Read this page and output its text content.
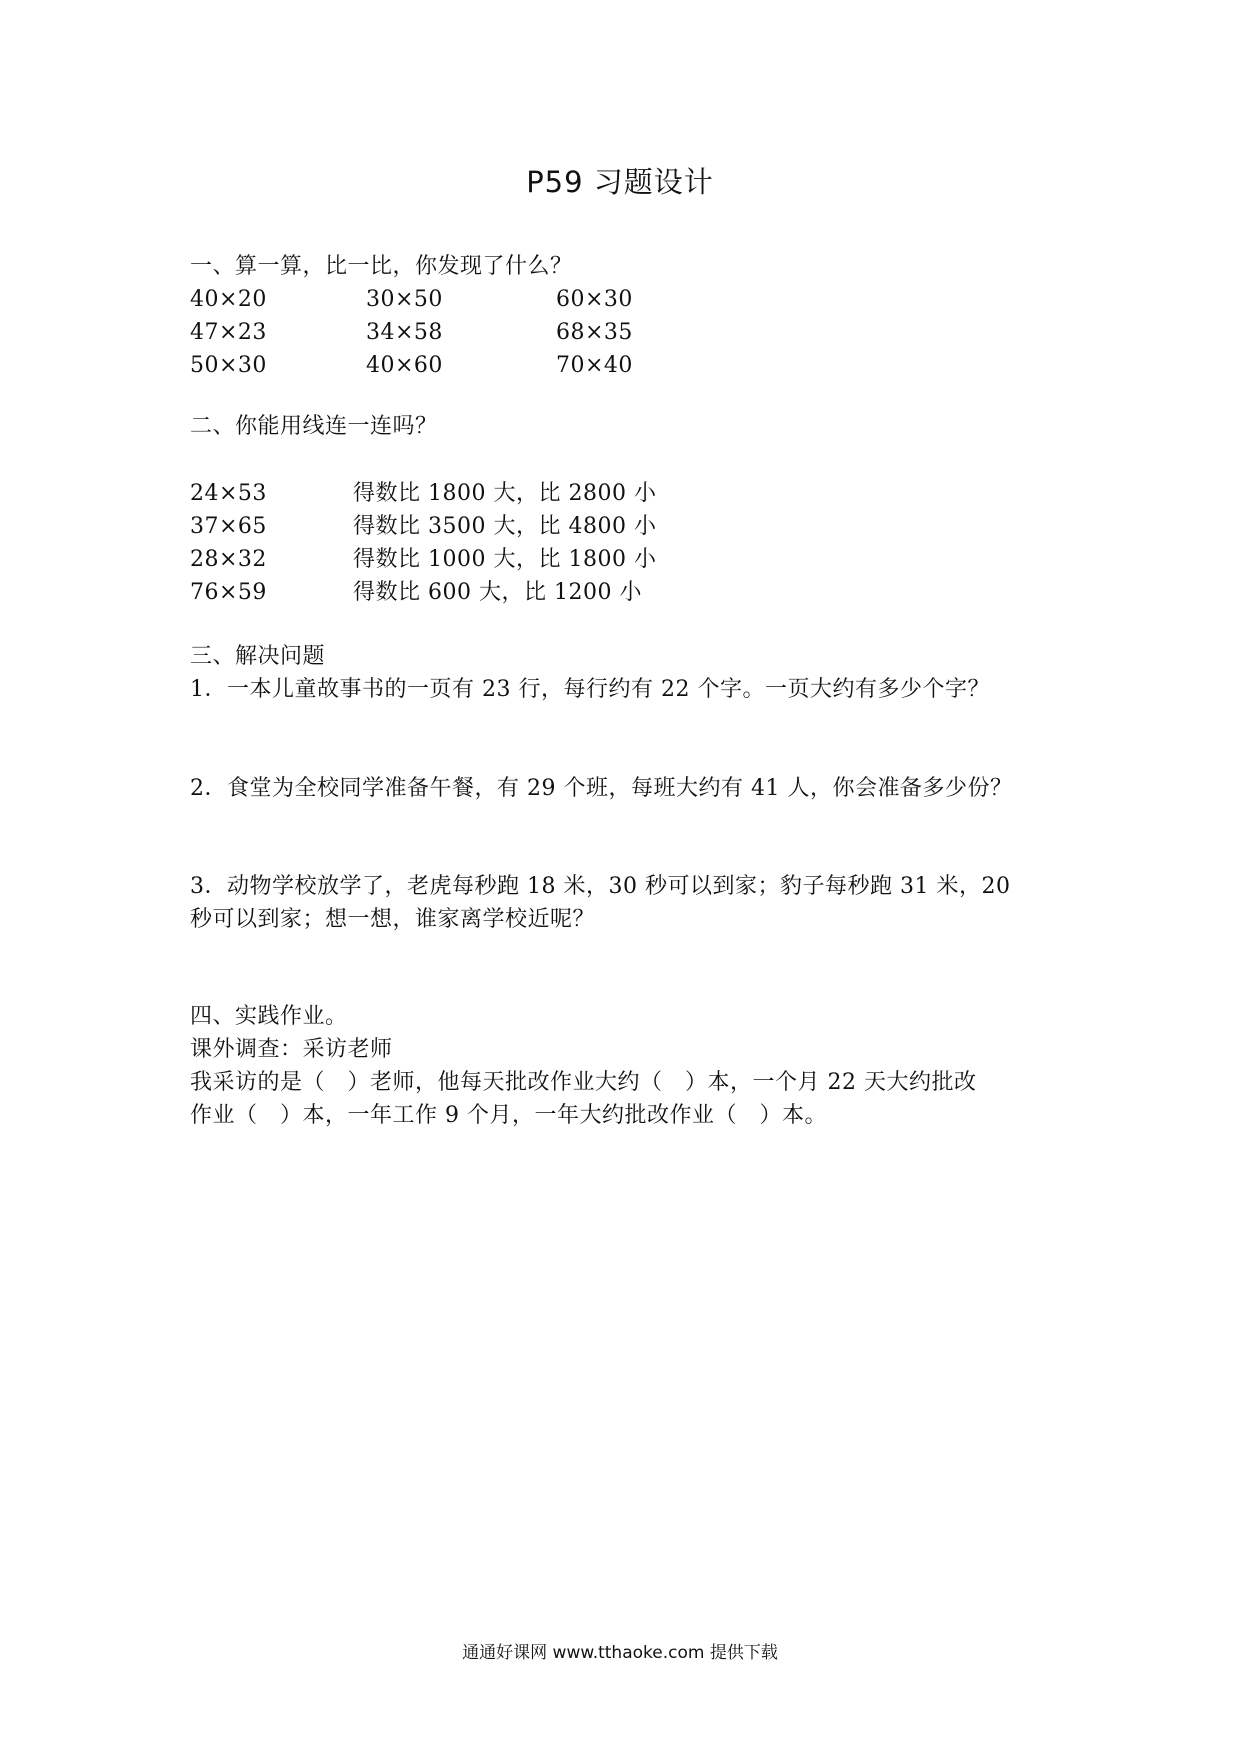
P59 习题设计
一、算一算，比一比，你发现了什么？
40×20	30×50	60×30
47×23	34×58	68×35
50×30	40×60	70×40
二、你能用线连一连吗？
24×53	得数比 1800 大，比 2800 小
37×65	得数比 3500 大，比 4800 小
28×32	得数比 1000 大，比 1800 小
76×59	得数比 600 大，比 1200 小
三、解决问题
1．一本儿童故事书的一页有 23 行，每行约有 22 个字。一页大约有多少个字？
2．食堂为全校同学准备午餐，有 29 个班，每班大约有 41 人，你会准备多少份？
3．动物学校放学了，老虎每秒跑 18 米，30 秒可以到家；豹子每秒跑 31 米，20
秒可以到家；想一想，谁家离学校近呢？
四、实践作业。
课外调查：采访老师
我采访的是（　）老师，他每天批改作业大约（　）本，一个月 22 天大约批改
作业（　）本，一年工作 9 个月，一年大约批改作业（　）本。
通通好课网 www.tthaoke.com 提供下载
